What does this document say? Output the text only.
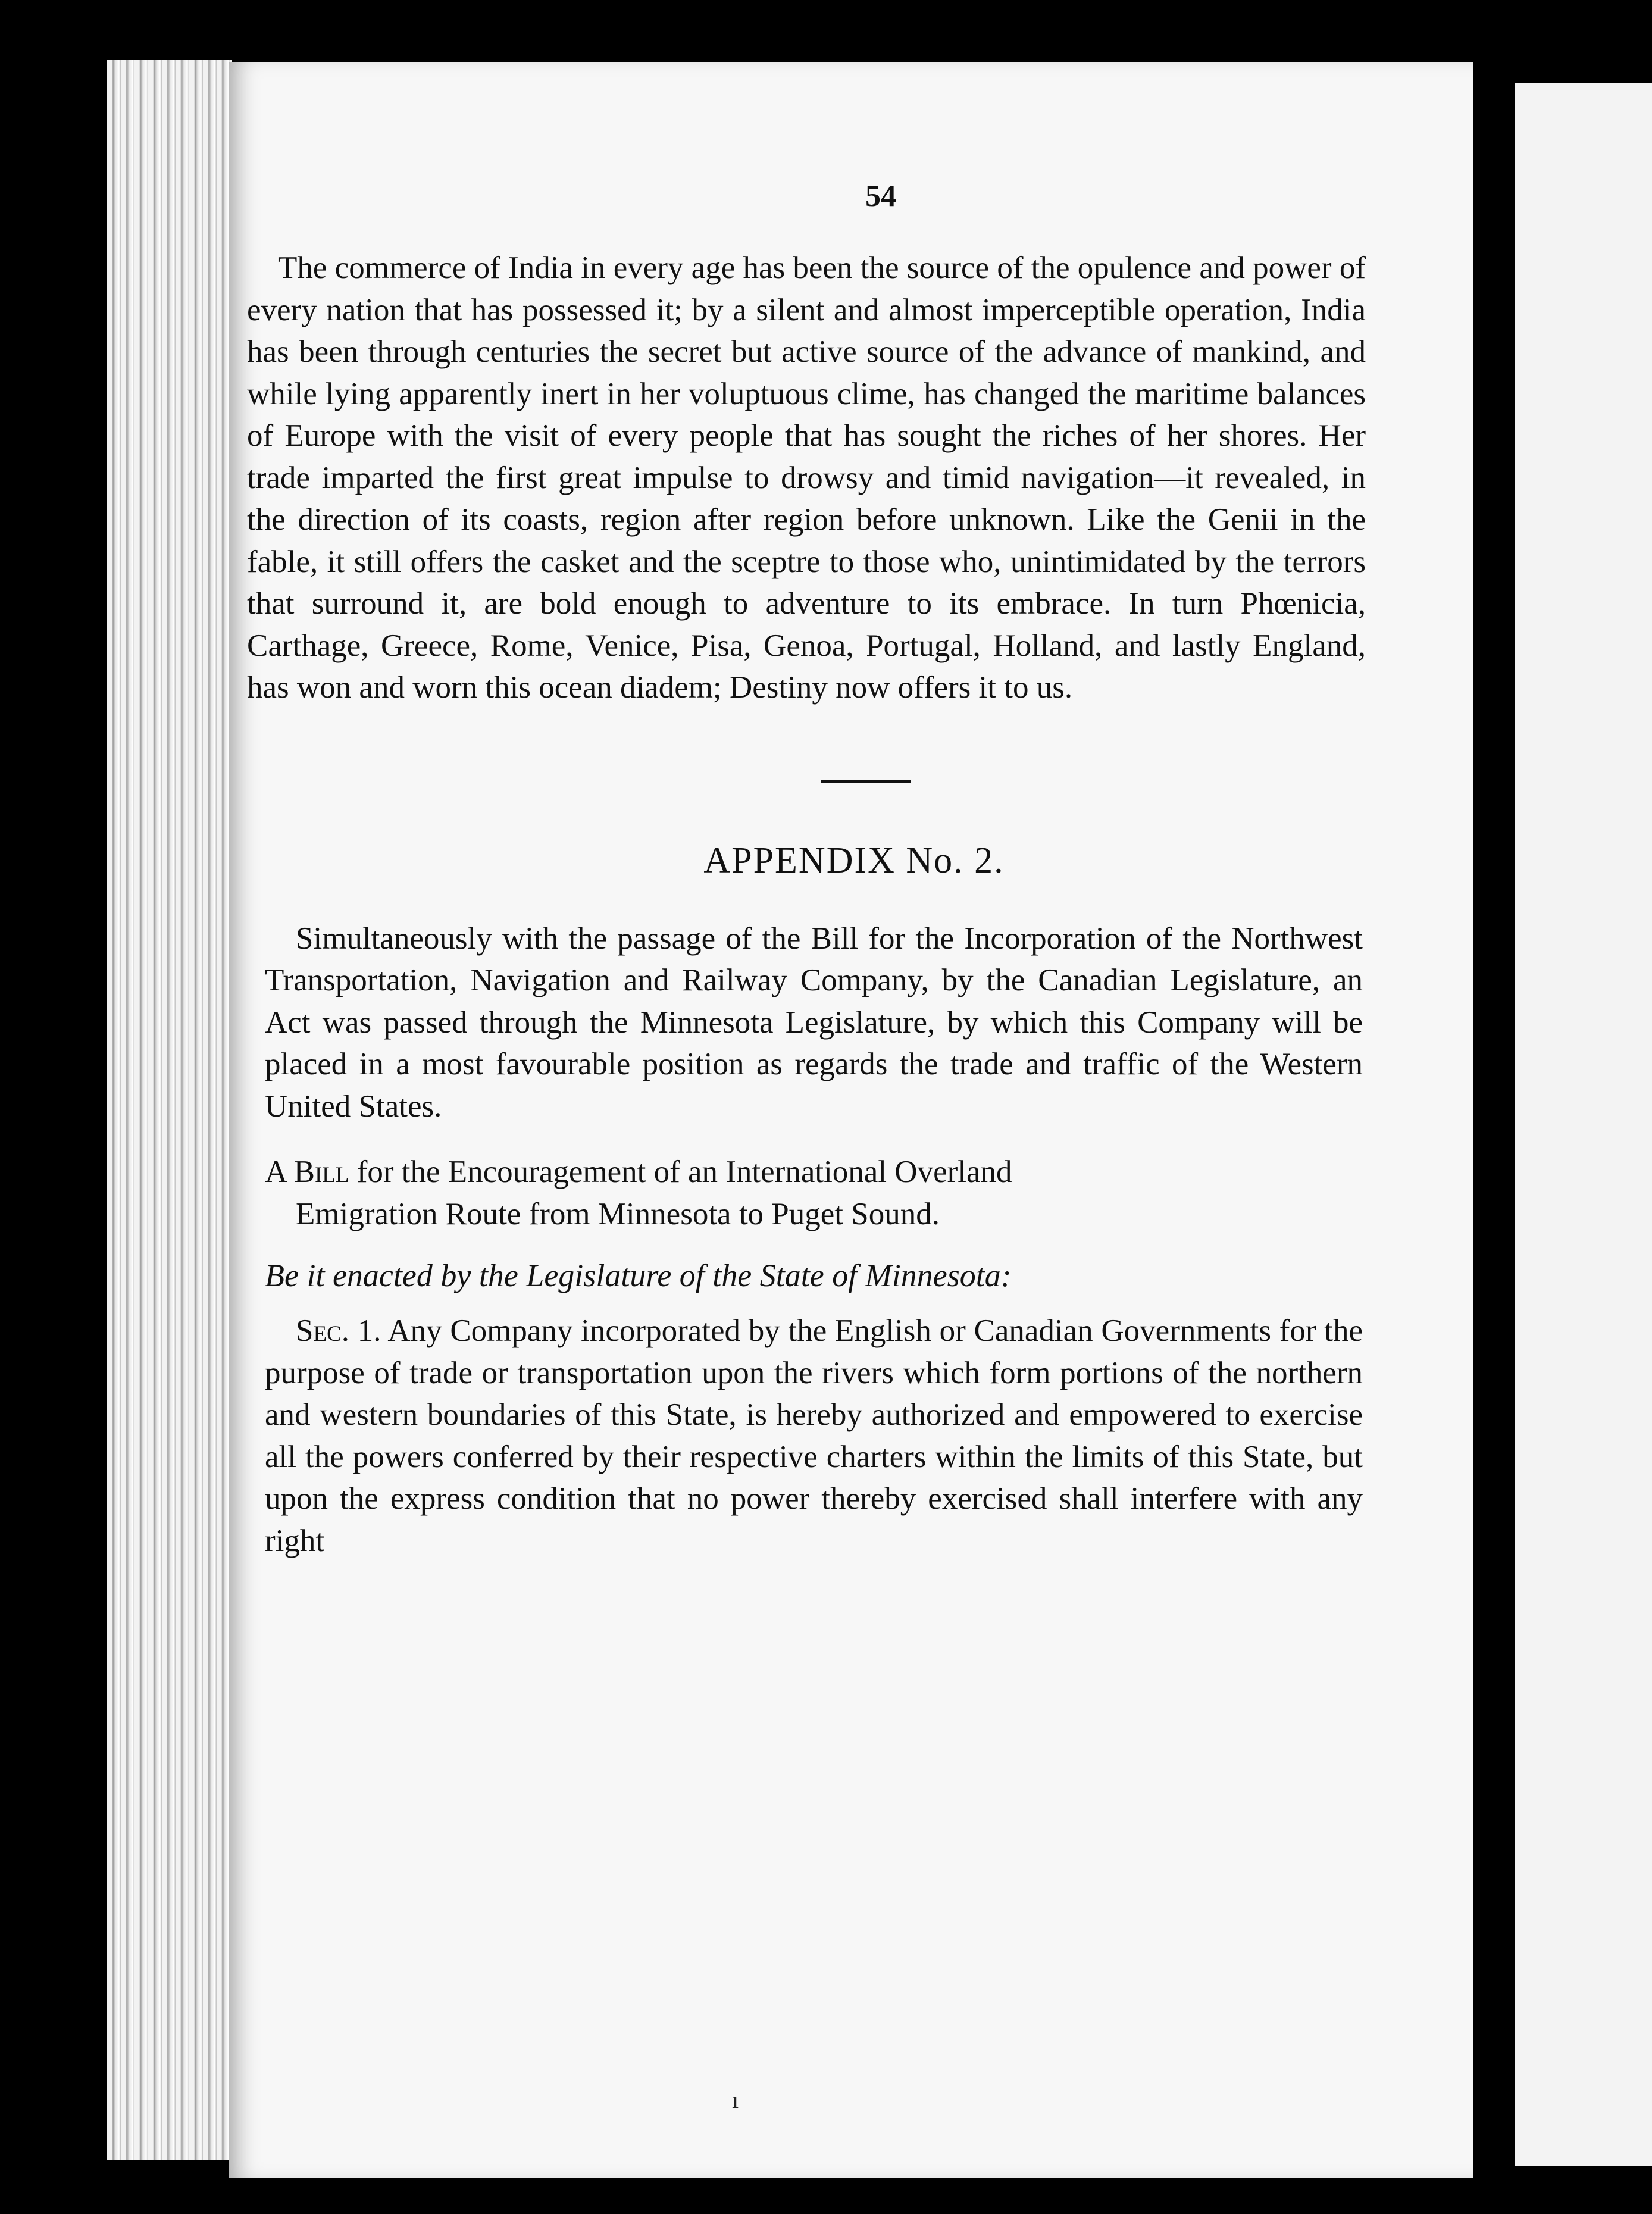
54

The commerce of India in every age has been the source of the opulence and power of every nation that has possessed it; by a silent and almost imperceptible operation, India has been through centuries the secret but active source of the advance of mankind, and while lying apparently inert in her voluptuous clime, has changed the maritime balances of Europe with the visit of every people that has sought the riches of her shores. Her trade imparted the first great impulse to drowsy and timid navigation—it revealed, in the direction of its coasts, region after region before unknown. Like the Genii in the fable, it still offers the casket and the sceptre to those who, unintimidated by the terrors that surround it, are bold enough to adventure to its embrace. In turn Phœnicia, Carthage, Greece, Rome, Venice, Pisa, Genoa, Portugal, Holland, and lastly England, has won and worn this ocean diadem; Destiny now offers it to us.

APPENDIX No. 2.

Simultaneously with the passage of the Bill for the Incorporation of the Northwest Transportation, Navigation and Railway Company, by the Canadian Legislature, an Act was passed through the Minnesota Legislature, by which this Company will be placed in a most favourable position as regards the trade and traffic of the Western United States.

A Bill for the Encouragement of an International Overland
Emigration Route from Minnesota to Puget Sound.

Be it enacted by the Legislature of the State of Minnesota:

Sec. 1. Any Company incorporated by the English or Canadian Governments for the purpose of trade or transportation upon the rivers which form portions of the northern and western boundaries of this State, is hereby authorized and empowered to exercise all the powers conferred by their respective charters within the limits of this State, but upon the express condition that no power thereby exercised shall interfere with any right

ı
